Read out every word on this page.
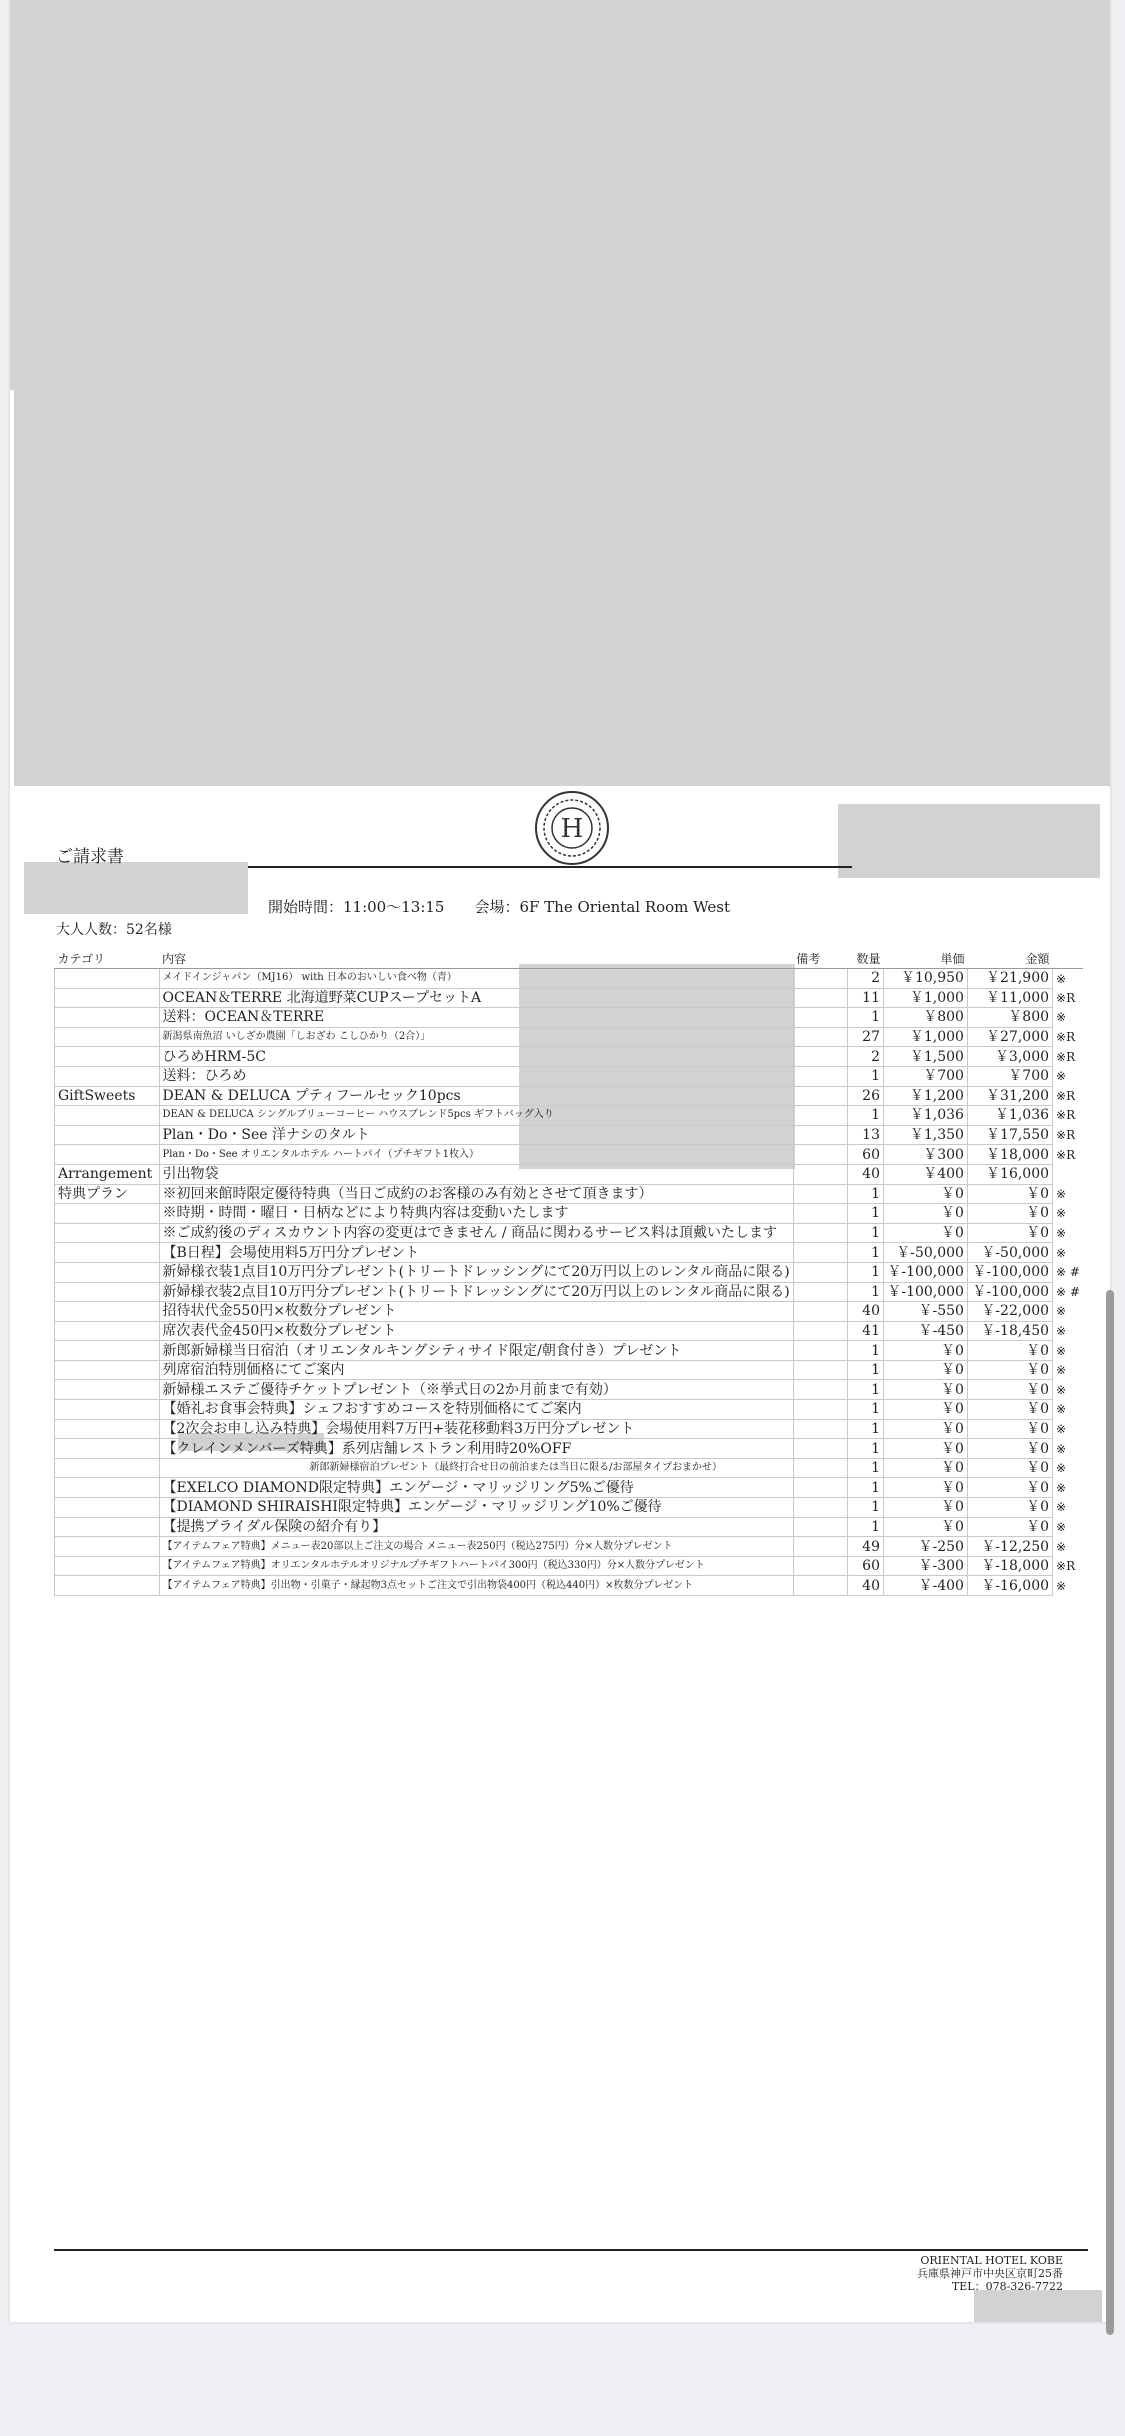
ご請求書
H
開始時間：11:00～13:15　　会場：6F The Oriental Room West
大人人数：52名様
カテゴリ	内容	備考	数量	単価	金額	
	メイドインジャパン（MJ16） with 日本のおいしい食べ物（青）		2	￥10,950	￥21,900	※
	OCEAN＆TERRE 北海道野菜CUPスープセットA		11	￥1,000	￥11,000	※R
	送料：OCEAN＆TERRE		1	￥800	￥800	※
	新潟県南魚沼 いしざか農園「しおざわ こしひかり（2合）」		27	￥1,000	￥27,000	※R
	ひろめHRM-5C		2	￥1,500	￥3,000	※R
	送料：ひろめ		1	￥700	￥700	※
GiftSweets	DEAN & DELUCA プティフールセック10pcs		26	￥1,200	￥31,200	※R
	DEAN & DELUCA シングルブリューコーヒー ハウスブレンド5pcs ギフトバッグ入り		1	￥1,036	￥1,036	※R
	Plan・Do・See 洋ナシのタルト		13	￥1,350	￥17,550	※R
	Plan・Do・See オリエンタルホテル ハートパイ（プチギフト1枚入）		60	￥300	￥18,000	※R
Arrangement	引出物袋		40	￥400	￥16,000	
特典プラン	※初回来館時限定優待特典（当日ご成約のお客様のみ有効とさせて頂きます）		1	￥0	￥0	※
	※時期・時間・曜日・日柄などにより特典内容は変動いたします		1	￥0	￥0	※
	※ご成約後のディスカウント内容の変更はできません / 商品に関わるサービス料は頂戴いたします		1	￥0	￥0	※
	【B日程】会場使用料5万円分プレゼント		1	￥-50,000	￥-50,000	※
	新婦様衣装1点目10万円分プレゼント(トリートドレッシングにて20万円以上のレンタル商品に限る)		1	￥-100,000	￥-100,000	※ #
	新婦様衣装2点目10万円分プレゼント(トリートドレッシングにて20万円以上のレンタル商品に限る)		1	￥-100,000	￥-100,000	※ #
	招待状代金550円×枚数分プレゼント		40	￥-550	￥-22,000	※
	席次表代金450円×枚数分プレゼント		41	￥-450	￥-18,450	※
	新郎新婦様当日宿泊（オリエンタルキングシティサイド限定/朝食付き）プレゼント		1	￥0	￥0	※
	列席宿泊特別価格にてご案内		1	￥0	￥0	※
	新婦様エステご優待チケットプレゼント（※挙式日の2か月前まで有効）		1	￥0	￥0	※
	【婚礼お食事会特典】シェフおすすめコースを特別価格にてご案内		1	￥0	￥0	※
	【2次会お申し込み特典】会場使用料7万円+装花移動料3万円分プレゼント		1	￥0	￥0	※
	【クレインメンバーズ特典】系列店舗レストラン利用時20%OFF		1	￥0	￥0	※
	新郎新婦様宿泊プレゼント（最終打合せ日の前泊または当日に限る/お部屋タイプおまかせ）		1	￥0	￥0	※
	【EXELCO DIAMOND限定特典】エンゲージ・マリッジリング5%ご優待		1	￥0	￥0	※
	【DIAMOND SHIRAISHI限定特典】エンゲージ・マリッジリング10%ご優待		1	￥0	￥0	※
	【提携ブライダル保険の紹介有り】		1	￥0	￥0	※
	【アイテムフェア特典】メニュー表20部以上ご注文の場合 メニュー表250円（税込275円）分×人数分プレゼント		49	￥-250	￥-12,250	※
	【アイテムフェア特典】オリエンタルホテルオリジナルプチギフトハートパイ300円（税込330円）分×人数分プレゼント		60	￥-300	￥-18,000	※R
	【アイテムフェア特典】引出物・引菓子・縁起物3点セットご注文で引出物袋400円（税込440円）×枚数分プレゼント		40	￥-400	￥-16,000	※
ORIENTAL HOTEL KOBE
兵庫県神戸市中央区京町25番
TEL：078-326-7722
